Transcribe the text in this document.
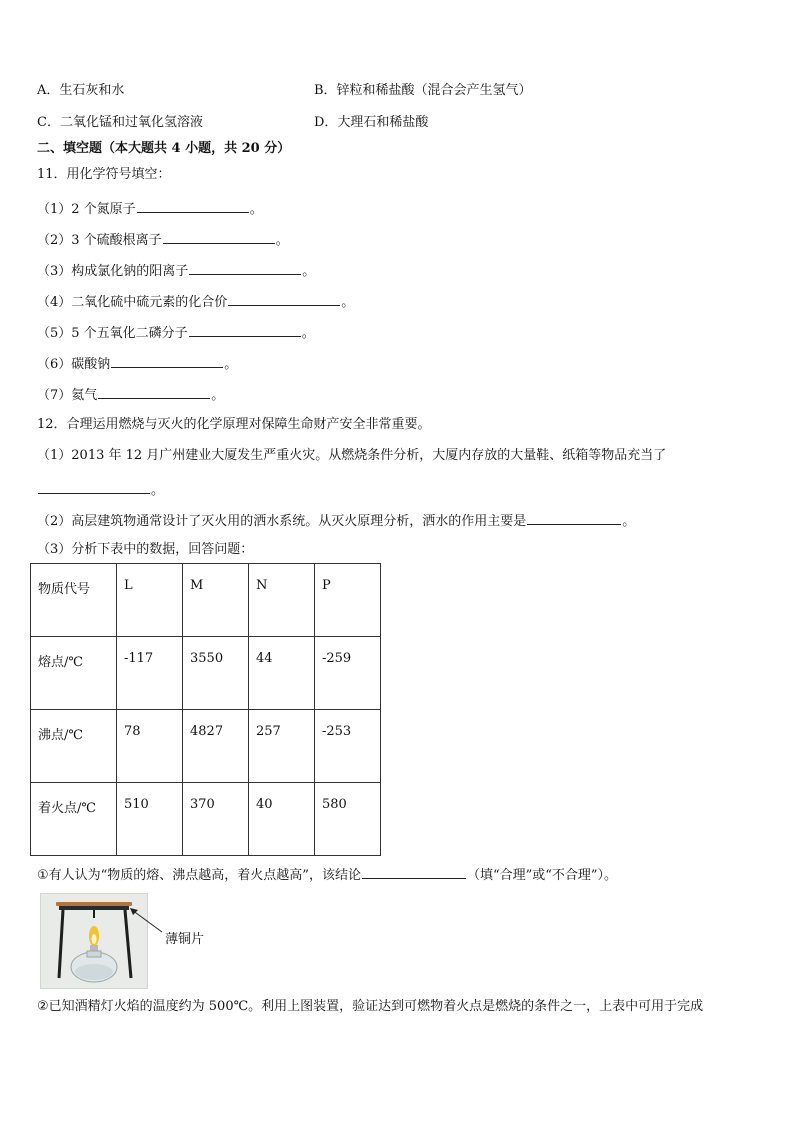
A．生石灰和水	B．锌粒和稀盐酸（混合会产生氢气）
C．二氧化锰和过氧化氢溶液	D．大理石和稀盐酸
二、填空题（本大题共 4 小题，共 20 分）
11．用化学符号填空：
（1）2 个氮原子	。
（2）3 个硫酸根离子	。
（3）构成氯化钠的阳离子	。
（4）二氧化硫中硫元素的化合价	。
（5）5 个五氧化二磷分子	。
（6）碳酸钠	。
（7）氦气	。
12．合理运用燃烧与灭火的化学原理对保障生命财产安全非常重要。
（1）2013 年 12 月广州建业大厦发生严重火灾。从燃烧条件分析，大厦内存放的大量鞋、纸箱等物品充当了
。
（2）高层建筑物通常设计了灭火用的洒水系统。从灭火原理分析，洒水的作用主要是	。
（3）分析下表中的数据，回答问题：
物质代号	L	M	N	P
熔点/℃	-117	3550	44	-259
沸点/℃	78	4827	257	-253
着火点/℃	510	370	40	580
①有人认为“物质的熔、沸点越高，着火点越高”，该结论	（填“合理”或“不合理”）。
薄铜片
②已知酒精灯火焰的温度约为 500℃。利用上图装置，验证达到可燃物着火点是燃烧的条件之一，上表中可用于完成
